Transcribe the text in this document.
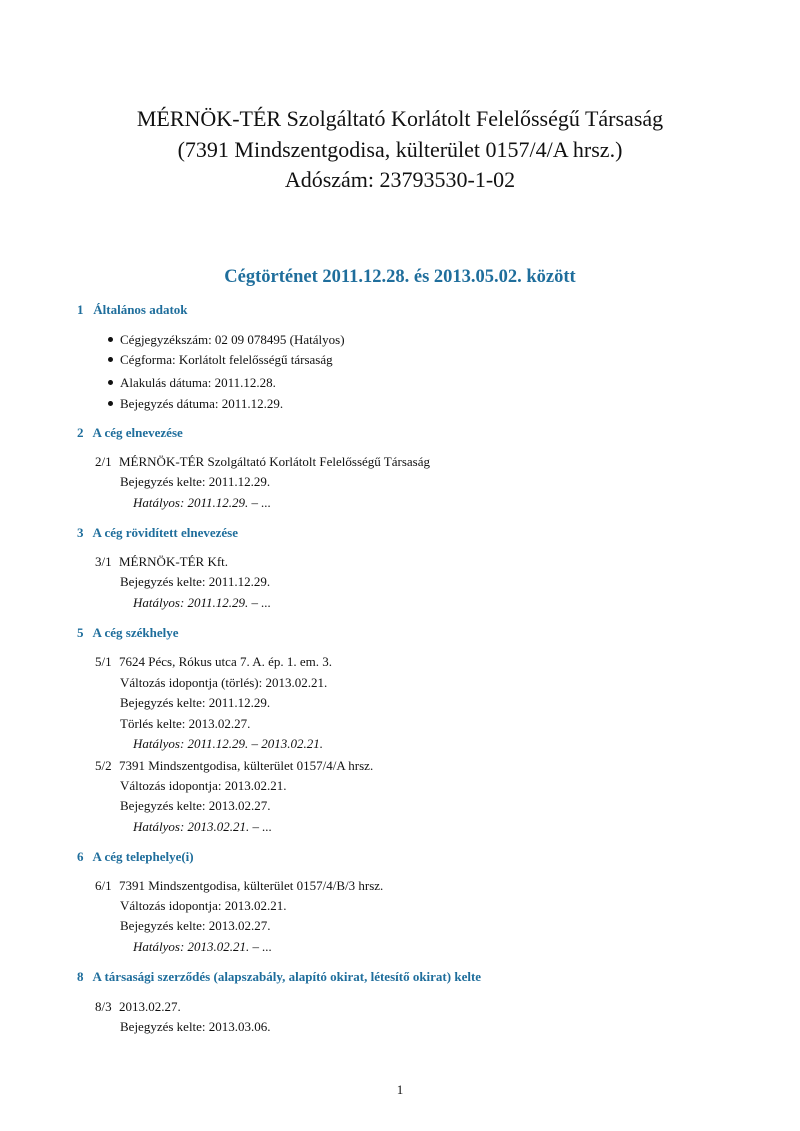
MÉRNÖK-TÉR Szolgáltató Korlátolt Felelősségű Társaság
(7391 Mindszentgodisa, külterület 0157/4/A hrsz.)
Adószám: 23793530-1-02
Cégtörténet 2011.12.28. és 2013.05.02. között
1 Általános adatok
Cégjegyzékszám: 02 09 078495 (Hatályos)
Cégforma: Korlátolt felelősségű társaság
Alakulás dátuma: 2011.12.28.
Bejegyzés dátuma: 2011.12.29.
2 A cég elnevezése
2/1 MÉRNÖK-TÉR Szolgáltató Korlátolt Felelősségű Társaság
Bejegyzés kelte: 2011.12.29.
Hatályos: 2011.12.29. – ...
3 A cég rövidített elnevezése
3/1 MÉRNÖK-TÉR Kft.
Bejegyzés kelte: 2011.12.29.
Hatályos: 2011.12.29. – ...
5 A cég székhelye
5/1 7624 Pécs, Rókus utca 7. A. ép. 1. em. 3.
Változás idopontja (törlés): 2013.02.21.
Bejegyzés kelte: 2011.12.29.
Törlés kelte: 2013.02.27.
Hatályos: 2011.12.29. – 2013.02.21.
5/2 7391 Mindszentgodisa, külterület 0157/4/A hrsz.
Változás idopontja: 2013.02.21.
Bejegyzés kelte: 2013.02.27.
Hatályos: 2013.02.21. – ...
6 A cég telephelye(i)
6/1 7391 Mindszentgodisa, külterület 0157/4/B/3 hrsz.
Változás idopontja: 2013.02.21.
Bejegyzés kelte: 2013.02.27.
Hatályos: 2013.02.21. – ...
8 A társasági szerződés (alapszabály, alapító okirat, létesítő okirat) kelte
8/3 2013.02.27.
Bejegyzés kelte: 2013.03.06.
1
